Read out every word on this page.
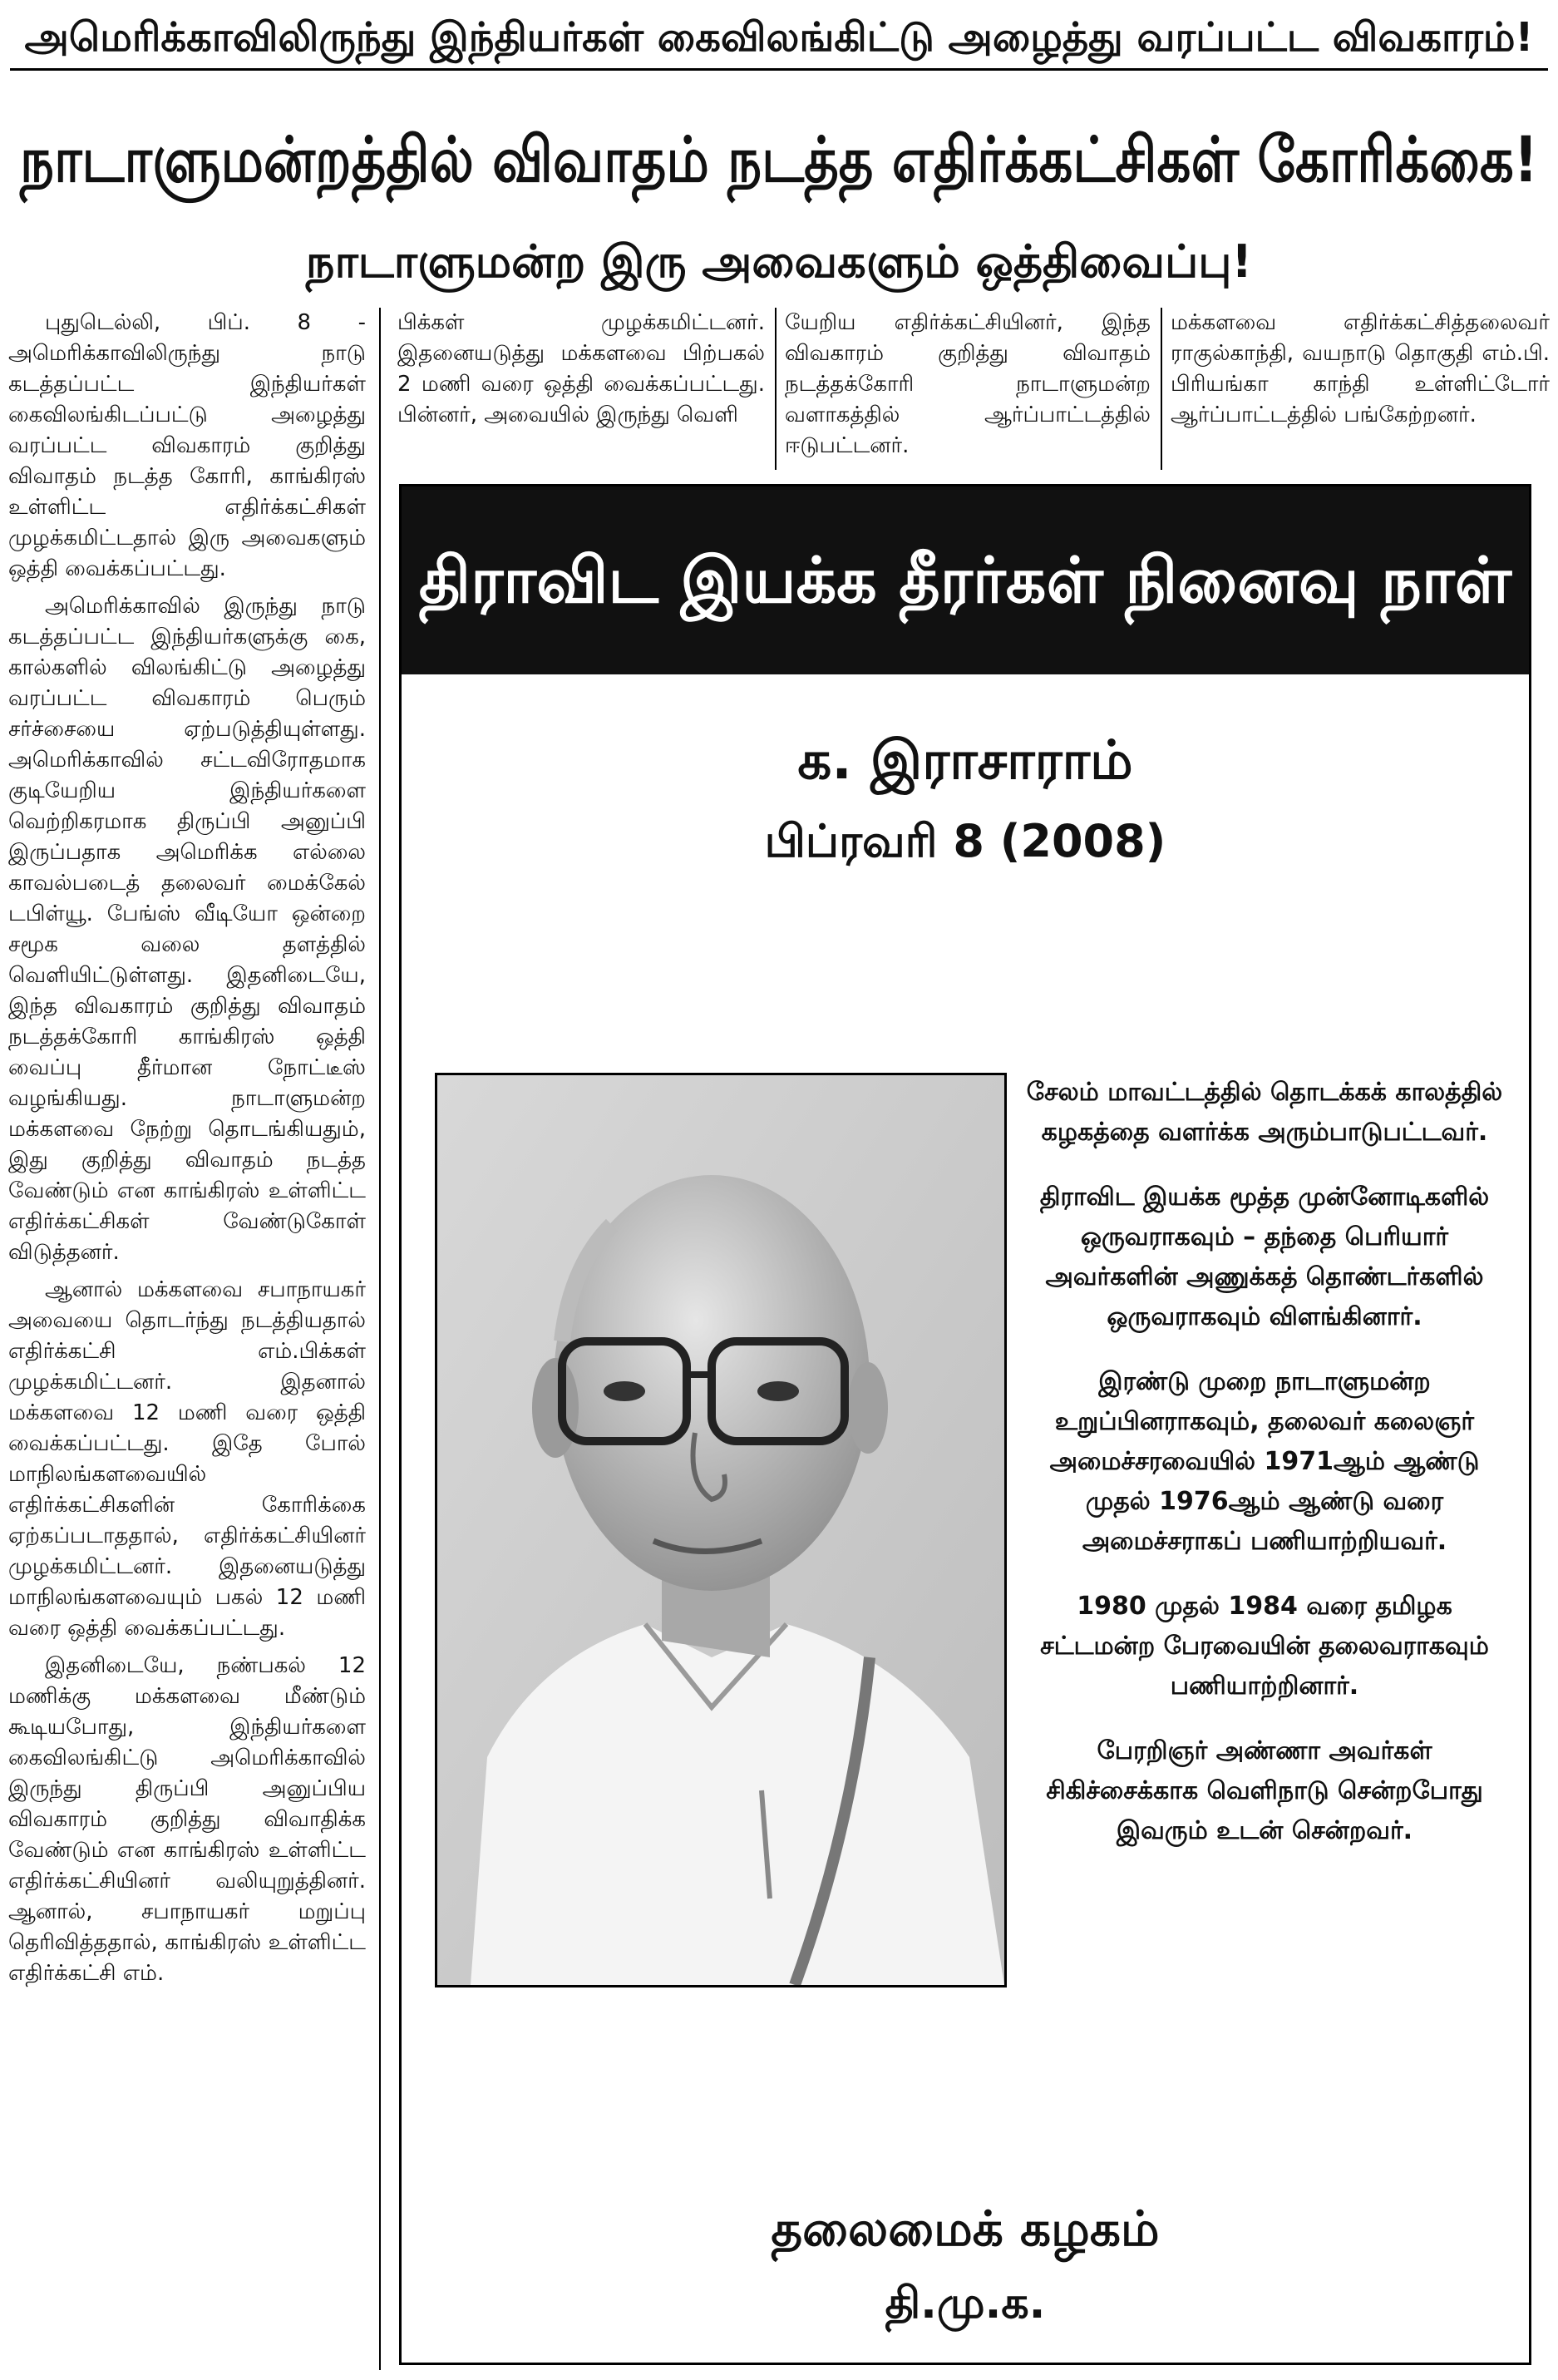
அமெரிக்காவிலிருந்து இந்தியர்கள் கைவிலங்கிட்டு அழைத்து வரப்பட்ட விவகாரம்!
நாடாளுமன்றத்தில் விவாதம் நடத்த எதிர்க்கட்சிகள் கோரிக்கை!
நாடாளுமன்ற இரு அவைகளும் ஒத்திவைப்பு!

புதுடெல்லி, பிப். 8 - அமெரிக்காவிலிருந்து நாடு கடத்தப்பட்ட இந்தியர்கள் கைவிலங்கிடப்பட்டு அழைத்து வரப்பட்ட விவகாரம் குறித்து விவாதம் நடத்த கோரி, காங்கிரஸ் உள்ளிட்ட எதிர்க்கட்சிகள் முழக்கமிட்டதால் இரு அவைகளும் ஒத்தி வைக்கப்பட்டது.

அமெரிக்காவில் இருந்து நாடு கடத்தப்பட்ட இந்தியர்களுக்கு கை, கால்களில் விலங்கிட்டு அழைத்து வரப்பட்ட விவகாரம் பெரும் சர்ச்சையை ஏற்படுத்தியுள்ளது. அமெரிக்காவில் சட்டவிரோதமாக குடியேறிய இந்தியர்களை வெற்றிகரமாக திருப்பி அனுப்பி இருப்பதாக அமெரிக்க எல்லை காவல்படைத் தலைவர் மைக்கேல் டபிள்யூ. பேங்ஸ் வீடியோ ஒன்றை சமூக வலை தளத்தில் வெளியிட்டுள்ளது. இதனிடையே, இந்த விவகாரம் குறித்து விவாதம் நடத்தக்கோரி காங்கிரஸ் ஒத்தி வைப்பு தீர்மான நோட்டீஸ் வழங்கியது. நாடாளுமன்ற மக்களவை நேற்று தொடங்கியதும், இது குறித்து விவாதம் நடத்த வேண்டும் என காங்கிரஸ் உள்ளிட்ட எதிர்க்கட்சிகள் வேண்டுகோள் விடுத்தனர்.

ஆனால் மக்களவை சபாநாயகர் அவையை தொடர்ந்து நடத்தியதால் எதிர்க்கட்சி எம்.பிக்கள் முழக்கமிட்டனர். இதனால் மக்களவை 12 மணி வரை ஒத்தி வைக்கப்பட்டது. இதே போல் மாநிலங்களவையில் எதிர்க்கட்சிகளின் கோரிக்கை ஏற்கப்படாததால், எதிர்க்கட்சியினர் முழக்கமிட்டனர். இதனையடுத்து மாநிலங்களவையும் பகல் 12 மணி வரை ஒத்தி வைக்கப்பட்டது.

இதனிடையே, நண்பகல் 12 மணிக்கு மக்களவை மீண்டும் கூடியபோது, இந்தியர்களை கைவிலங்கிட்டு அமெரிக்காவில் இருந்து திருப்பி அனுப்பிய விவகாரம் குறித்து விவாதிக்க வேண்டும் என காங்கிரஸ் உள்ளிட்ட எதிர்க்கட்சியினர் வலியுறுத்தினர். ஆனால், சபாநாயகர் மறுப்பு தெரிவித்ததால், காங்கிரஸ் உள்ளிட்ட எதிர்க்கட்சி எம்.

பிக்கள் முழக்கமிட்டனர். இதனையடுத்து மக்களவை பிற்பகல் 2 மணி வரை ஒத்தி வைக்கப்பட்டது. பின்னர், அவையில் இருந்து வெளி

யேறிய எதிர்க்கட்சியினர், இந்த விவகாரம் குறித்து விவாதம் நடத்தக்கோரி நாடாளுமன்ற வளாகத்தில் ஆர்ப்பாட்டத்தில் ஈடுபட்டனர்.

மக்களவை எதிர்க்கட்சித்தலைவர் ராகுல்காந்தி, வயநாடு தொகுதி எம்.பி. பிரியங்கா காந்தி உள்ளிட்டோர் ஆர்ப்பாட்டத்தில் பங்கேற்றனர்.

திராவிட இயக்க தீரர்கள் நினைவு நாள்
க. இராசாராம்
பிப்ரவரி 8 (2008)

சேலம் மாவட்டத்தில் தொடக்கக் காலத்தில் கழகத்தை வளர்க்க அரும்பாடுபட்டவர்.

திராவிட இயக்க மூத்த முன்னோடிகளில் ஒருவராகவும் – தந்தை பெரியார் அவர்களின் அணுக்கத் தொண்டர்களில் ஒருவராகவும் விளங்கினார்.

இரண்டு முறை நாடாளுமன்ற உறுப்பினராகவும், தலைவர் கலைஞர் அமைச்சரவையில் 1971ஆம் ஆண்டு முதல் 1976ஆம் ஆண்டு வரை அமைச்சராகப் பணியாற்றியவர்.

1980 முதல் 1984 வரை தமிழக சட்டமன்ற பேரவையின் தலைவராகவும் பணியாற்றினார்.

பேரறிஞர் அண்ணா அவர்கள் சிகிச்சைக்காக வெளிநாடு சென்றபோது இவரும் உடன் சென்றவர்.

தலைமைக் கழகம்
தி.மு.க.
